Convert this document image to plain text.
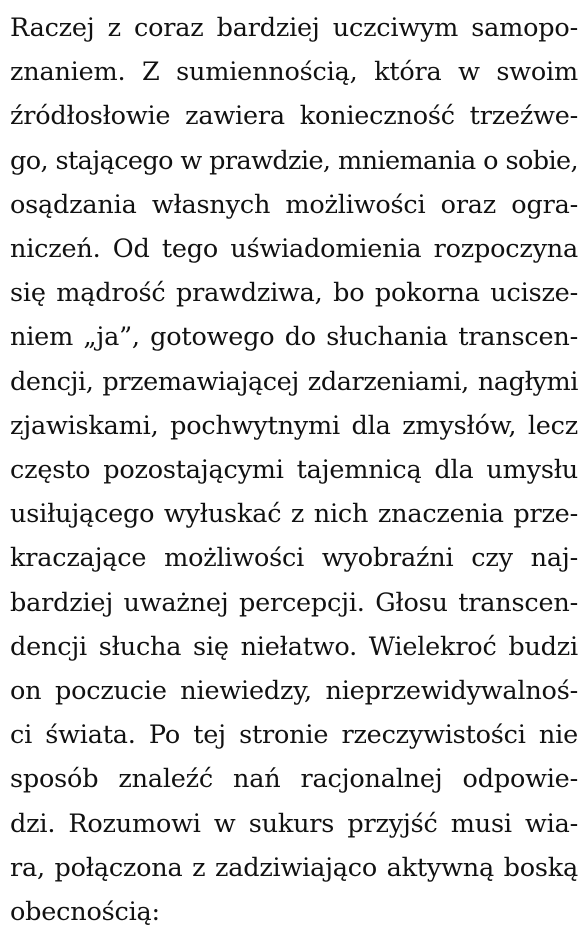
Raczej z coraz bardziej uczciwym samopo-
znaniem. Z sumiennością, która w swoim
źródłosłowie zawiera konieczność trzeźwe-
go, stającego w prawdzie, mniemania o sobie,
osądzania własnych możliwości oraz ogra-
niczeń. Od tego uświadomienia rozpoczyna
się mądrość prawdziwa, bo pokorna ucisze-
niem „ja”, gotowego do słuchania transcen-
dencji, przemawiającej zdarzeniami, nagłymi
zjawiskami, pochwytnymi dla zmysłów, lecz
często pozostającymi tajemnicą dla umysłu
usiłującego wyłuskać z nich znaczenia prze-
kraczające możliwości wyobraźni czy naj-
bardziej uważnej percepcji. Głosu transcen-
dencji słucha się niełatwo. Wielekroć budzi
on poczucie niewiedzy, nieprzewidywalnoś-
ci świata. Po tej stronie rzeczywistości nie
sposób znaleźć nań racjonalnej odpowie-
dzi. Rozumowi w sukurs przyjść musi wia-
ra, połączona z zadziwiająco aktywną boską
obecnością:
